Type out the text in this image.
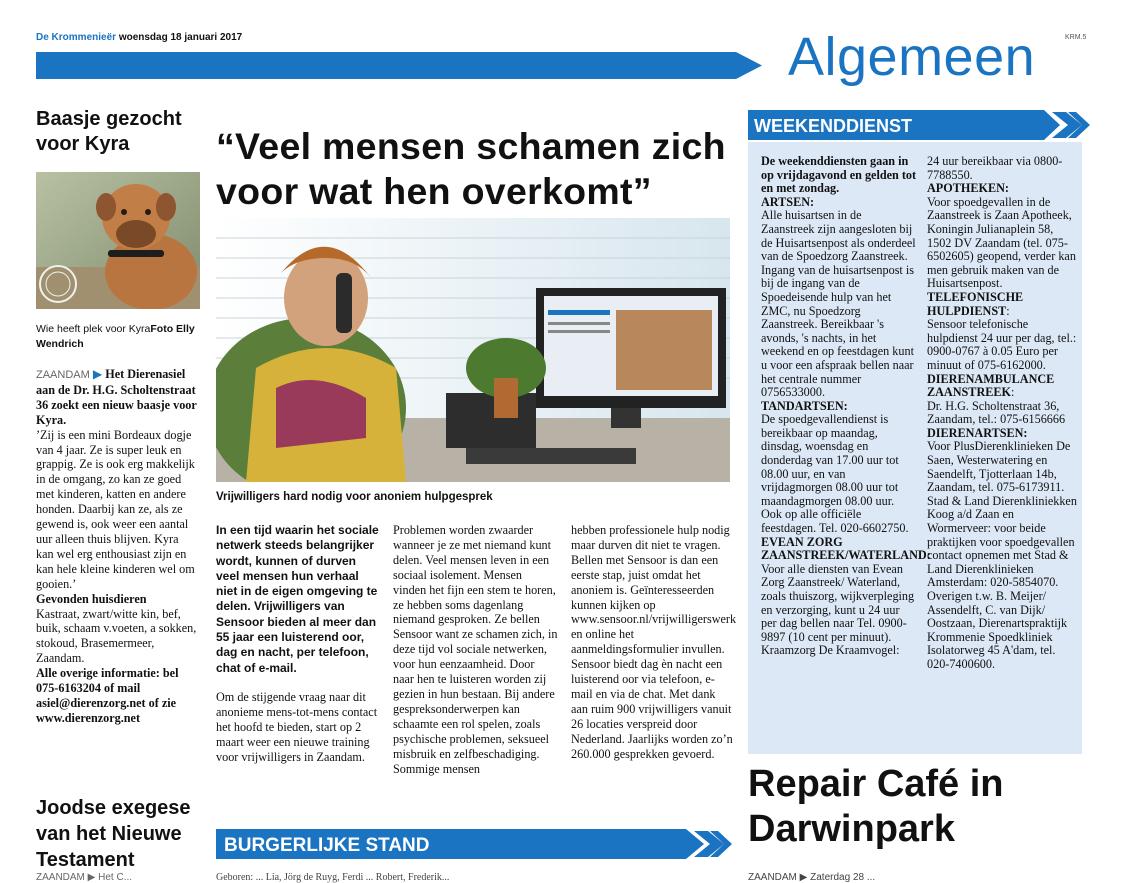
De Krommenieër woensdag 18 januari 2017	Algemeen	KRM.5
Baasje gezocht voor Kyra
Wie heeft plek voor KyraFoto Elly Wendrich

ZAANDAM ▶ Het Dierenasiel aan de Dr. H.G. Scholtenstraat 36 zoekt een nieuw baasje voor Kyra.

’Zij is een mini Bordeaux dogje van 4 jaar. Ze is super leuk en grappig. Ze is ook erg makkelijk in de omgang, zo kan ze goed met kinderen, katten en andere honden. Daarbij kan ze, als ze gewend is, ook weer een aantal uur alleen thuis blijven. Kyra kan wel erg enthousiast zijn en kan hele kleine kinderen wel om gooien.’

Gevonden huisdieren

Kastraat, zwart/witte kin, bef, buik, schaam v.voeten, a sokken, stokoud, Brasemermeer, Zaandam.

Alle overige informatie: bel 075-6163204 of mail asiel@dierenzorg.net of zie www.dierenzorg.net

Joodse exegese van het Nieuwe Testament
ZAANDAM ▶ Het C...
“Veel mensen schamen zich voor wat hen overkomt”
Vrijwilligers hard nodig voor anoniem hulpgesprek

In een tijd waarin het sociale netwerk steeds belangrijker wordt, kunnen of durven veel mensen hun verhaal niet in de eigen omgeving te delen. Vrijwilligers van Sensoor bieden al meer dan 55 jaar een luisterend oor, dag en nacht, per telefoon, chat of e-mail.

Om de stijgende vraag naar dit anonieme mens-tot-mens contact het hoofd te bieden, start op 2 maart weer een nieuwe training voor vrijwilligers in Zaandam.

Problemen worden zwaarder wanneer je ze met niemand kunt delen. Veel mensen leven in een sociaal isolement. Mensen vinden het fijn een stem te horen, ze hebben soms dagenlang niemand gesproken. Ze bellen Sensoor want ze schamen zich, in deze tijd vol sociale netwerken, voor hun eenzaamheid. Door naar hen te luisteren worden zij gezien in hun bestaan. Bij andere gespreksonderwerpen kan schaamte een rol spelen, zoals psychische problemen, seksueel misbruik en zelfbeschadiging. Sommige mensen

hebben professionele hulp nodig maar durven dit niet te vragen. Bellen met Sensoor is dan een eerste stap, juist omdat het anoniem is. Geïnteresseerden kunnen kijken op www.sensoor.nl/vrijwilligerswerk en online het aanmeldingsformulier invullen. Sensoor biedt dag èn nacht een luisterend oor via telefoon, e-mail en via de chat. Met dank aan ruim 900 vrijwilligers vanuit 26 locaties verspreid door Nederland. Jaarlijks worden zo’n 260.000 gesprekken gevoerd.

BURGERLIJKE STAND
Geboren: ... Lia, Jörg de Ruyg, Ferdi ... Robert, Frederik...
WEEKENDDIENST

De weekenddiensten gaan in op vrijdagavond en gelden tot en met zondag.

ARTSEN:

Alle huisartsen in de Zaanstreek zijn aangesloten bij de Huisartsenpost als onderdeel van de Spoedzorg Zaanstreek. Ingang van de huisartsenpost is bij de ingang van de Spoedeisende hulp van het ZMC, nu Spoedzorg Zaanstreek. Bereikbaar 's avonds, 's nachts, in het weekend en op feestdagen kunt u voor een afspraak bellen naar het centrale nummer 0756533000.

TANDARTSEN:

De spoedgevallendienst is bereikbaar op maandag, dinsdag, woensdag en donderdag van 17.00 uur tot 08.00 uur, en van vrijdagmorgen 08.00 uur tot maandagmorgen 08.00 uur. Ook op alle officiële feestdagen. Tel. 020-6602750.

EVEAN ZORG ZAANSTREEK/WATERLAND:

Voor alle diensten van Evean Zorg Zaanstreek/ Waterland, zoals thuiszorg, wijkverpleging en verzorging, kunt u 24 uur per dag bellen naar Tel. 0900- 9897 (10 cent per minuut). Kraamzorg De Kraamvogel:

24 uur bereikbaar via 0800-7788550.

APOTHEKEN:

Voor spoedgevallen in de Zaanstreek is Zaan Apotheek, Koningin Julianaplein 58, 1502 DV Zaandam (tel. 075-6502605) geopend, verder kan men gebruik maken van de Huisartsenpost.

TELEFONISCHE HULPDIENST:

Sensoor telefonische hulpdienst 24 uur per dag, tel.: 0900-0767 à 0.05 Euro per minuut of 075-6162000.

DIERENAMBULANCE ZAANSTREEK:

Dr. H.G. Scholtenstraat 36, Zaandam, tel.: 075-6156666

DIERENARTSEN:

Voor PlusDierenklinieken De Saen, Westerwatering en Saendelft, Tjotterlaan 14b, Zaandam, tel. 075-6173911. Stad & Land Dierenkliniekken Koog a/d Zaan en Wormerveer: voor beide praktijken voor spoedgevallen contact opnemen met Stad & Land Dierenklinieken Amsterdam: 020-5854070. Overigen t.w. B. Meijer/ Assendelft, C. van Dijk/ Oostzaan, Dierenartspraktijk Krommenie Spoedkliniek Isolatorweg 45 A'dam, tel. 020-7400600.

Repair Café in Darwinpark
ZAANDAM ▶ Zaterdag 28 ...
